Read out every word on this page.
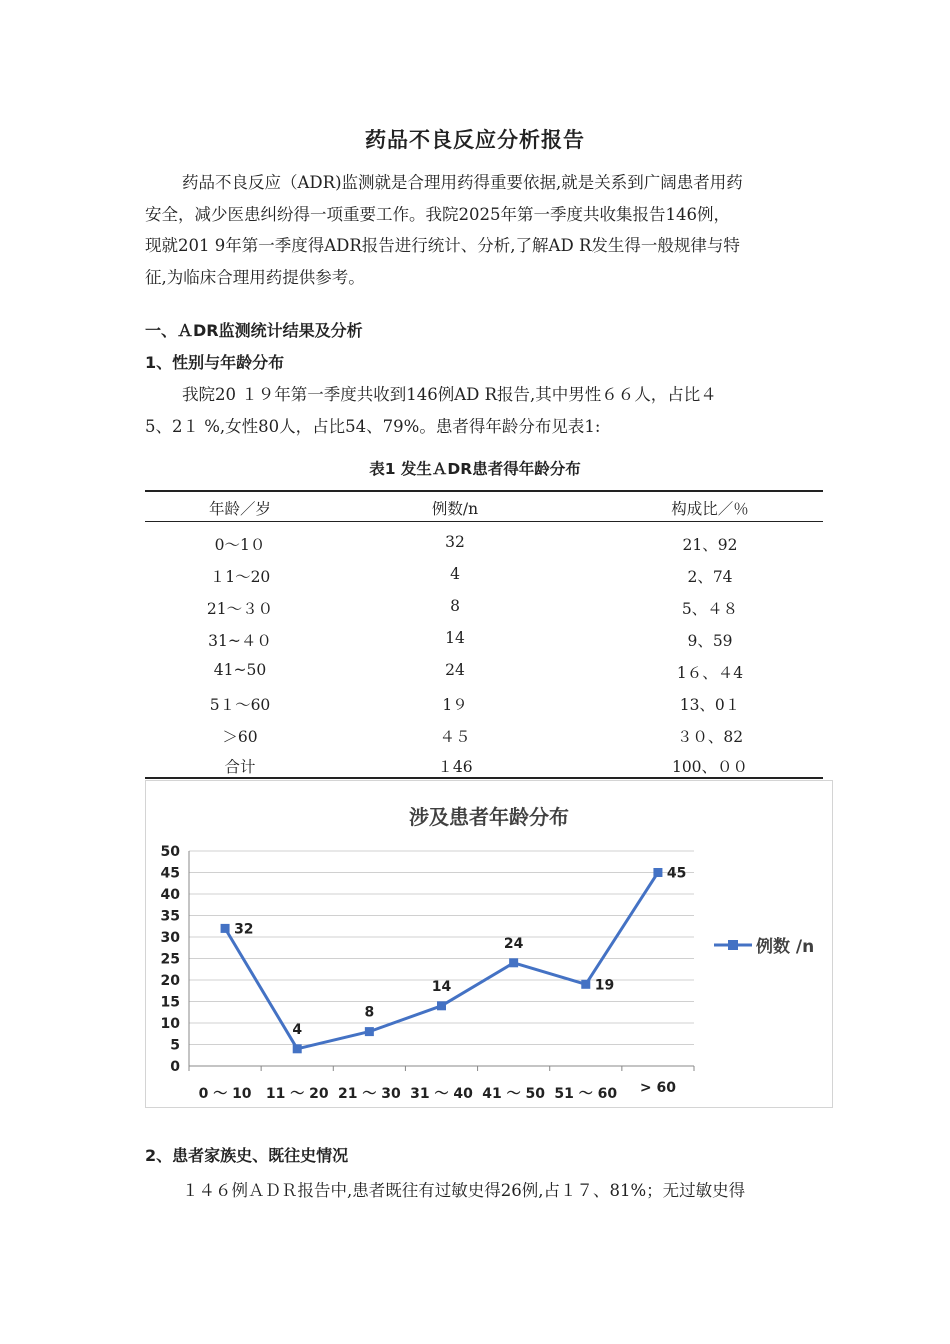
药品不良反应分析报告

药品不良反应（ADR)监测就是合理用药得重要依据,就是关系到广阔患者用药

安全，减少医患纠纷得一项重要工作。我院2025年第一季度共收集报告146例，

现就201 9年第一季度得ADR报告进行统计、分析,了解AD R发生得一般规律与特

征,为临床合理用药提供参考。

一、ＡDR监测统计结果及分析
1、性别与年龄分布

我院20 １９年第一季度共收到146例AD R报告,其中男性６６人，占比４

5、2１ %,女性80人，占比54、79%。患者得年龄分布见表1:

表1 发生ＡDR患者得年龄分布
年龄／岁	例数/n	构成比／％
0～1０	32	21、92
１1～20	4	2、74
21～３０	8	5、４８
31~４０	14	9、59
41~50	24	1６、４4
5１～60	1９	13、0１
＞60	４５	３０、82
合计	１46	100、００
涉及患者年龄分布
0
5
10
15
20
25
30
35
40
45
50
0 ～ 10 11 ～ 20 21 ～ 30 31 ～ 40 41 ～ 50 51 ～ 60 > 60
32
4
8
14
24
19
45
例数 /n
2、患者家族史、既往史情况

１４６例ＡＤＲ报告中,患者既往有过敏史得26例,占１７、81%；无过敏史得
